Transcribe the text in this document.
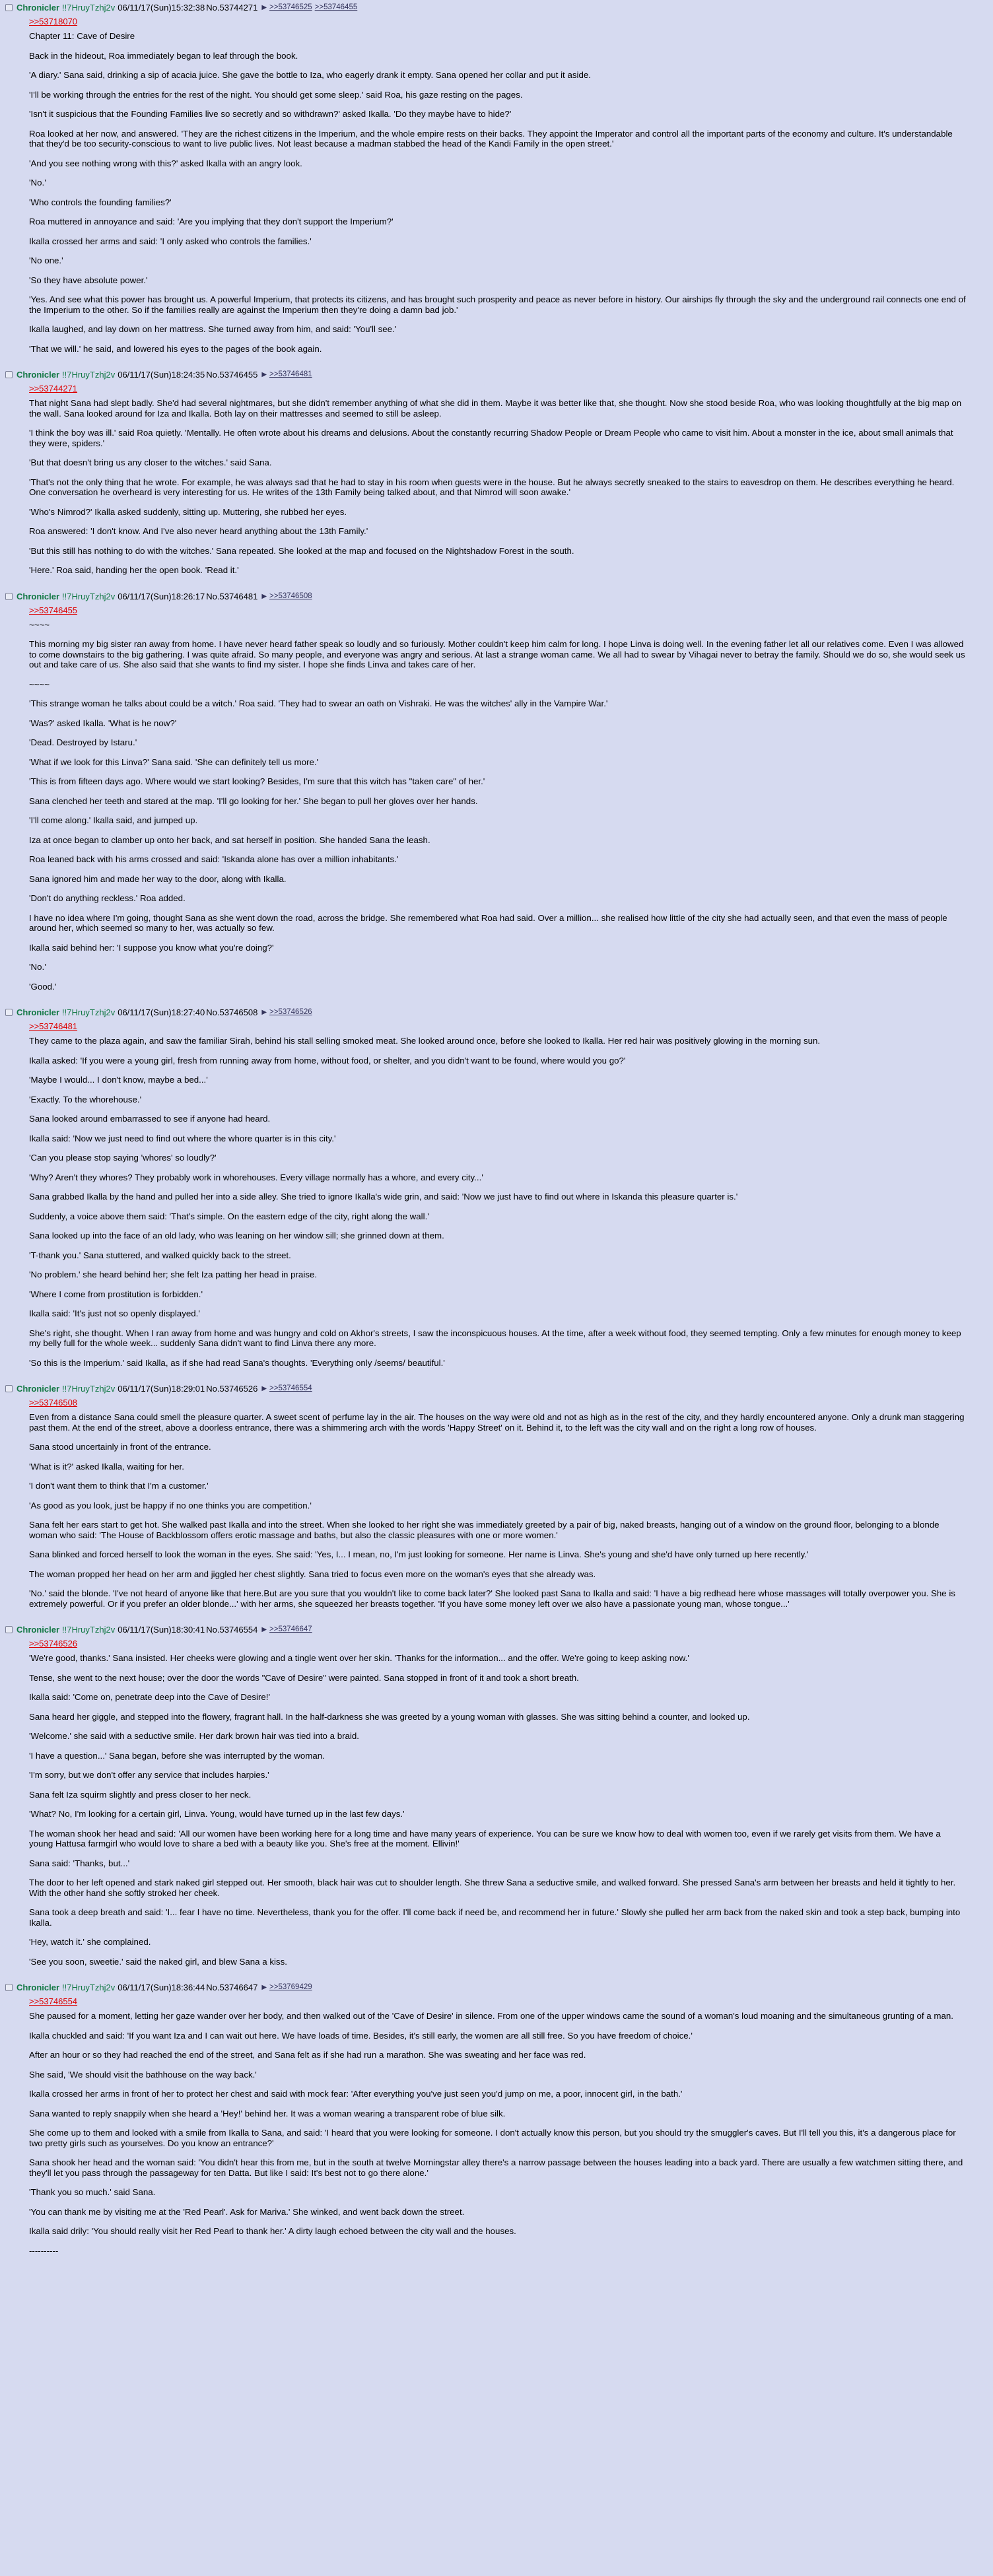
Chronicler !!7HruyTzhj2v 06/11/17(Sun)15:32:38 No.53744271 ▶ >>53746525 >>53746455
>>53718070

Chapter 11: Cave of Desire

Back in the hideout, Roa immediately began to leaf through the book.

'A diary.' Sana said, drinking a sip of acacia juice. She gave the bottle to Iza, who eagerly drank it empty. Sana opened her collar and put it aside.

'I'll be working through the entries for the rest of the night. You should get some sleep.' said Roa, his gaze resting on the pages.

'Isn't it suspicious that the Founding Families live so secretly and so withdrawn?' asked Ikalla. 'Do they maybe have to hide?'

Roa looked at her now, and answered. 'They are the richest citizens in the Imperium, and the whole empire rests on their backs. They appoint the Imperator and control all the important parts of the economy and culture. It's understandable that they'd be too security-conscious to want to live public lives. Not least because a madman stabbed the head of the Kandi Family in the open street.'

'And you see nothing wrong with this?' asked Ikalla with an angry look.

'No.'

'Who controls the founding families?'

Roa muttered in annoyance and said: 'Are you implying that they don't support the Imperium?'

Ikalla crossed her arms and said: 'I only asked who controls the families.'

'No one.'

'So they have absolute power.'

'Yes. And see what this power has brought us. A powerful Imperium, that protects its citizens, and has brought such prosperity and peace as never before in history. Our airships fly through the sky and the underground rail connects one end of the Imperium to the other. So if the families really are against the Imperium then they're doing a damn bad job.'

Ikalla laughed, and lay down on her mattress. She turned away from him, and said: 'You'll see.'

'That we will.' he said, and lowered his eyes to the pages of the book again.

Chronicler !!7HruyTzhj2v 06/11/17(Sun)18:24:35 No.53746455 ▶ >>53746481
>>53744271

That night Sana had slept badly. She'd had several nightmares, but she didn't remember anything of what she did in them. Maybe it was better like that, she thought. Now she stood beside Roa, who was looking thoughtfully at the big map on the wall. Sana looked around for Iza and Ikalla. Both lay on their mattresses and seemed to still be asleep.

'I think the boy was ill.' said Roa quietly. 'Mentally. He often wrote about his dreams and delusions. About the constantly recurring Shadow People or Dream People who came to visit him. About a monster in the ice, about small animals that they were, spiders.'

'But that doesn't bring us any closer to the witches.' said Sana.

'That's not the only thing that he wrote. For example, he was always sad that he had to stay in his room when guests were in the house. But he always secretly sneaked to the stairs to eavesdrop on them. He describes everything he heard. One conversation he overheard is very interesting for us. He writes of the 13th Family being talked about, and that Nimrod will soon awake.'

'Who's Nimrod?' Ikalla asked suddenly, sitting up. Muttering, she rubbed her eyes.

Roa answered: 'I don't know. And I've also never heard anything about the 13th Family.'

'But this still has nothing to do with the witches.' Sana repeated. She looked at the map and focused on the Nightshadow Forest in the south.

'Here.' Roa said, handing her the open book. 'Read it.'

Chronicler !!7HruyTzhj2v 06/11/17(Sun)18:26:17 No.53746481 ▶ >>53746508
>>53746455

~~~~

This morning my big sister ran away from home. I have never heard father speak so loudly and so furiously. Mother couldn't keep him calm for long. I hope Linva is doing well. In the evening father let all our relatives come. Even I was allowed to come downstairs to the big gathering. I was quite afraid. So many people, and everyone was angry and serious. At last a strange woman came. We all had to swear by Vihagai never to betray the family. Should we do so, she would seek us out and take care of us. She also said that she wants to find my sister. I hope she finds Linva and takes care of her.

~~~~

'This strange woman he talks about could be a witch.' Roa said. 'They had to swear an oath on Vishraki. He was the witches' ally in the Vampire War.'

'Was?' asked Ikalla. 'What is he now?'

'Dead. Destroyed by Istaru.'

'What if we look for this Linva?' Sana said. 'She can definitely tell us more.'

'This is from fifteen days ago. Where would we start looking? Besides, I'm sure that this witch has "taken care" of her.'

Sana clenched her teeth and stared at the map. 'I'll go looking for her.' She began to pull her gloves over her hands.

'I'll come along.' Ikalla said, and jumped up.

Iza at once began to clamber up onto her back, and sat herself in position. She handed Sana the leash.

Roa leaned back with his arms crossed and said: 'Iskanda alone has over a million inhabitants.'

Sana ignored him and made her way to the door, along with Ikalla.

'Don't do anything reckless.' Roa added.

I have no idea where I'm going, thought Sana as she went down the road, across the bridge. She remembered what Roa had said. Over a million... she realised how little of the city she had actually seen, and that even the mass of people around her, which seemed so many to her, was actually so few.

Ikalla said behind her: 'I suppose you know what you're doing?'

'No.'

'Good.'

Chronicler !!7HruyTzhj2v 06/11/17(Sun)18:27:40 No.53746508 ▶ >>53746526
>>53746481

They came to the plaza again, and saw the familiar Sirah, behind his stall selling smoked meat. She looked around once, before she looked to Ikalla. Her red hair was positively glowing in the morning sun.

Ikalla asked: 'If you were a young girl, fresh from running away from home, without food, or shelter, and you didn't want to be found, where would you go?'

'Maybe I would... I don't know, maybe a bed...'

'Exactly. To the whorehouse.'

Sana looked around embarrassed to see if anyone had heard.

Ikalla said: 'Now we just need to find out where the whore quarter is in this city.'

'Can you please stop saying 'whores' so loudly?'

'Why? Aren't they whores? They probably work in whorehouses. Every village normally has a whore, and every city...'

Sana grabbed Ikalla by the hand and pulled her into a side alley. She tried to ignore Ikalla's wide grin, and said: 'Now we just have to find out where in Iskanda this pleasure quarter is.'

Suddenly, a voice above them said: 'That's simple. On the eastern edge of the city, right along the wall.'

Sana looked up into the face of an old lady, who was leaning on her window sill; she grinned down at them.

'T-thank you.' Sana stuttered, and walked quickly back to the street.

'No problem.' she heard behind her; she felt Iza patting her head in praise.

'Where I come from prostitution is forbidden.'

Ikalla said: 'It's just not so openly displayed.'

She's right, she thought. When I ran away from home and was hungry and cold on Akhor's streets, I saw the inconspicuous houses. At the time, after a week without food, they seemed tempting. Only a few minutes for enough money to keep my belly full for the whole week... suddenly Sana didn't want to find Linva there any more.

'So this is the Imperium.' said Ikalla, as if she had read Sana's thoughts. 'Everything only /seems/ beautiful.'

Chronicler !!7HruyTzhj2v 06/11/17(Sun)18:29:01 No.53746526 ▶ >>53746554
>>53746508

Even from a distance Sana could smell the pleasure quarter. A sweet scent of perfume lay in the air. The houses on the way were old and not as high as in the rest of the city, and they hardly encountered anyone. Only a drunk man staggering past them. At the end of the street, above a doorless entrance, there was a shimmering arch with the words 'Happy Street' on it. Behind it, to the left was the city wall and on the right a long row of houses.

Sana stood uncertainly in front of the entrance.

'What is it?' asked Ikalla, waiting for her.

'I don't want them to think that I'm a customer.'

'As good as you look, just be happy if no one thinks you are competition.'

Sana felt her ears start to get hot. She walked past Ikalla and into the street. When she looked to her right she was immediately greeted by a pair of big, naked breasts, hanging out of a window on the ground floor, belonging to a blonde woman who said: 'The House of Backblossom offers erotic massage and baths, but also the classic pleasures with one or more women.'

Sana blinked and forced herself to look the woman in the eyes. She said: 'Yes, I... I mean, no, I'm just looking for someone. Her name is Linva. She's young and she'd have only turned up here recently.'

The woman propped her head on her arm and jiggled her chest slightly. Sana tried to focus even more on the woman's eyes that she already was.

'No.' said the blonde. 'I've not heard of anyone like that here.But are you sure that you wouldn't like to come back later?' She looked past Sana to Ikalla and said: 'I have a big redhead here whose massages will totally overpower you. She is extremely powerful. Or if you prefer an older blonde...' with her arms, she squeezed her breasts together. 'If you have some money left over we also have a passionate young man, whose tongue...'

Chronicler !!7HruyTzhj2v 06/11/17(Sun)18:30:41 No.53746554 ▶ >>53746647
>>53746526

'We're good, thanks.' Sana insisted. Her cheeks were glowing and a tingle went over her skin. 'Thanks for the information... and the offer. We're going to keep asking now.'

Tense, she went to the next house; over the door the words "Cave of Desire" were painted. Sana stopped in front of it and took a short breath.

Ikalla said: 'Come on, penetrate deep into the Cave of Desire!'

Sana heard her giggle, and stepped into the flowery, fragrant hall. In the half-darkness she was greeted by a young woman with glasses. She was sitting behind a counter, and looked up.

'Welcome.' she said with a seductive smile. Her dark brown hair was tied into a braid.

'I have a question...' Sana began, before she was interrupted by the woman.

'I'm sorry, but we don't offer any service that includes harpies.'

Sana felt Iza squirm slightly and press closer to her neck.

'What? No, I'm looking for a certain girl, Linva. Young, would have turned up in the last few days.'

The woman shook her head and said: 'All our women have been working here for a long time and have many years of experience. You can be sure we know how to deal with women too, even if we rarely get visits from them. We have a young Hattusa farmgirl who would love to share a bed with a beauty like you. She's free at the moment. Ellivin!'

Sana said: 'Thanks, but...'

The door to her left opened and stark naked girl stepped out. Her smooth, black hair was cut to shoulder length. She threw Sana a seductive smile, and walked forward. She pressed Sana's arm between her breasts and held it tightly to her. With the other hand she softly stroked her cheek.

Sana took a deep breath and said: 'I... fear I have no time. Nevertheless, thank you for the offer. I'll come back if need be, and recommend her in future.' Slowly she pulled her arm back from the naked skin and took a step back, bumping into Ikalla.

'Hey, watch it.' she complained.

'See you soon, sweetie.' said the naked girl, and blew Sana a kiss.

Chronicler !!7HruyTzhj2v 06/11/17(Sun)18:36:44 No.53746647 ▶ >>53769429
>>53746554

She paused for a moment, letting her gaze wander over her body, and then walked out of the 'Cave of Desire' in silence. From one of the upper windows came the sound of a woman's loud moaning and the simultaneous grunting of a man.

Ikalla chuckled and said: 'If you want Iza and I can wait out here. We have loads of time. Besides, it's still early, the women are all still free. So you have freedom of choice.'

After an hour or so they had reached the end of the street, and Sana felt as if she had run a marathon. She was sweating and her face was red.

She said, 'We should visit the bathhouse on the way back.'

Ikalla crossed her arms in front of her to protect her chest and said with mock fear: 'After everything you've just seen you'd jump on me, a poor, innocent girl, in the bath.'

Sana wanted to reply snappily when she heard a 'Hey!' behind her. It was a woman wearing a transparent robe of blue silk.

She come up to them and looked with a smile from Ikalla to Sana, and said: 'I heard that you were looking for someone. I don't actually know this person, but you should try the smuggler's caves. But I'll tell you this, it's a dangerous place for two pretty girls such as yourselves. Do you know an entrance?'

Sana shook her head and the woman said: 'You didn't hear this from me, but in the south at twelve Morningstar alley there's a narrow passage between the houses leading into a back yard. There are usually a few watchmen sitting there, and they'll let you pass through the passageway for ten Datta. But like I said: It's best not to go there alone.'

'Thank you so much.' said Sana.

'You can thank me by visiting me at the 'Red Pearl'. Ask for Mariva.' She winked, and went back down the street.

Ikalla said drily: 'You should really visit her Red Pearl to thank her.' A dirty laugh echoed between the city wall and the houses.

----------
